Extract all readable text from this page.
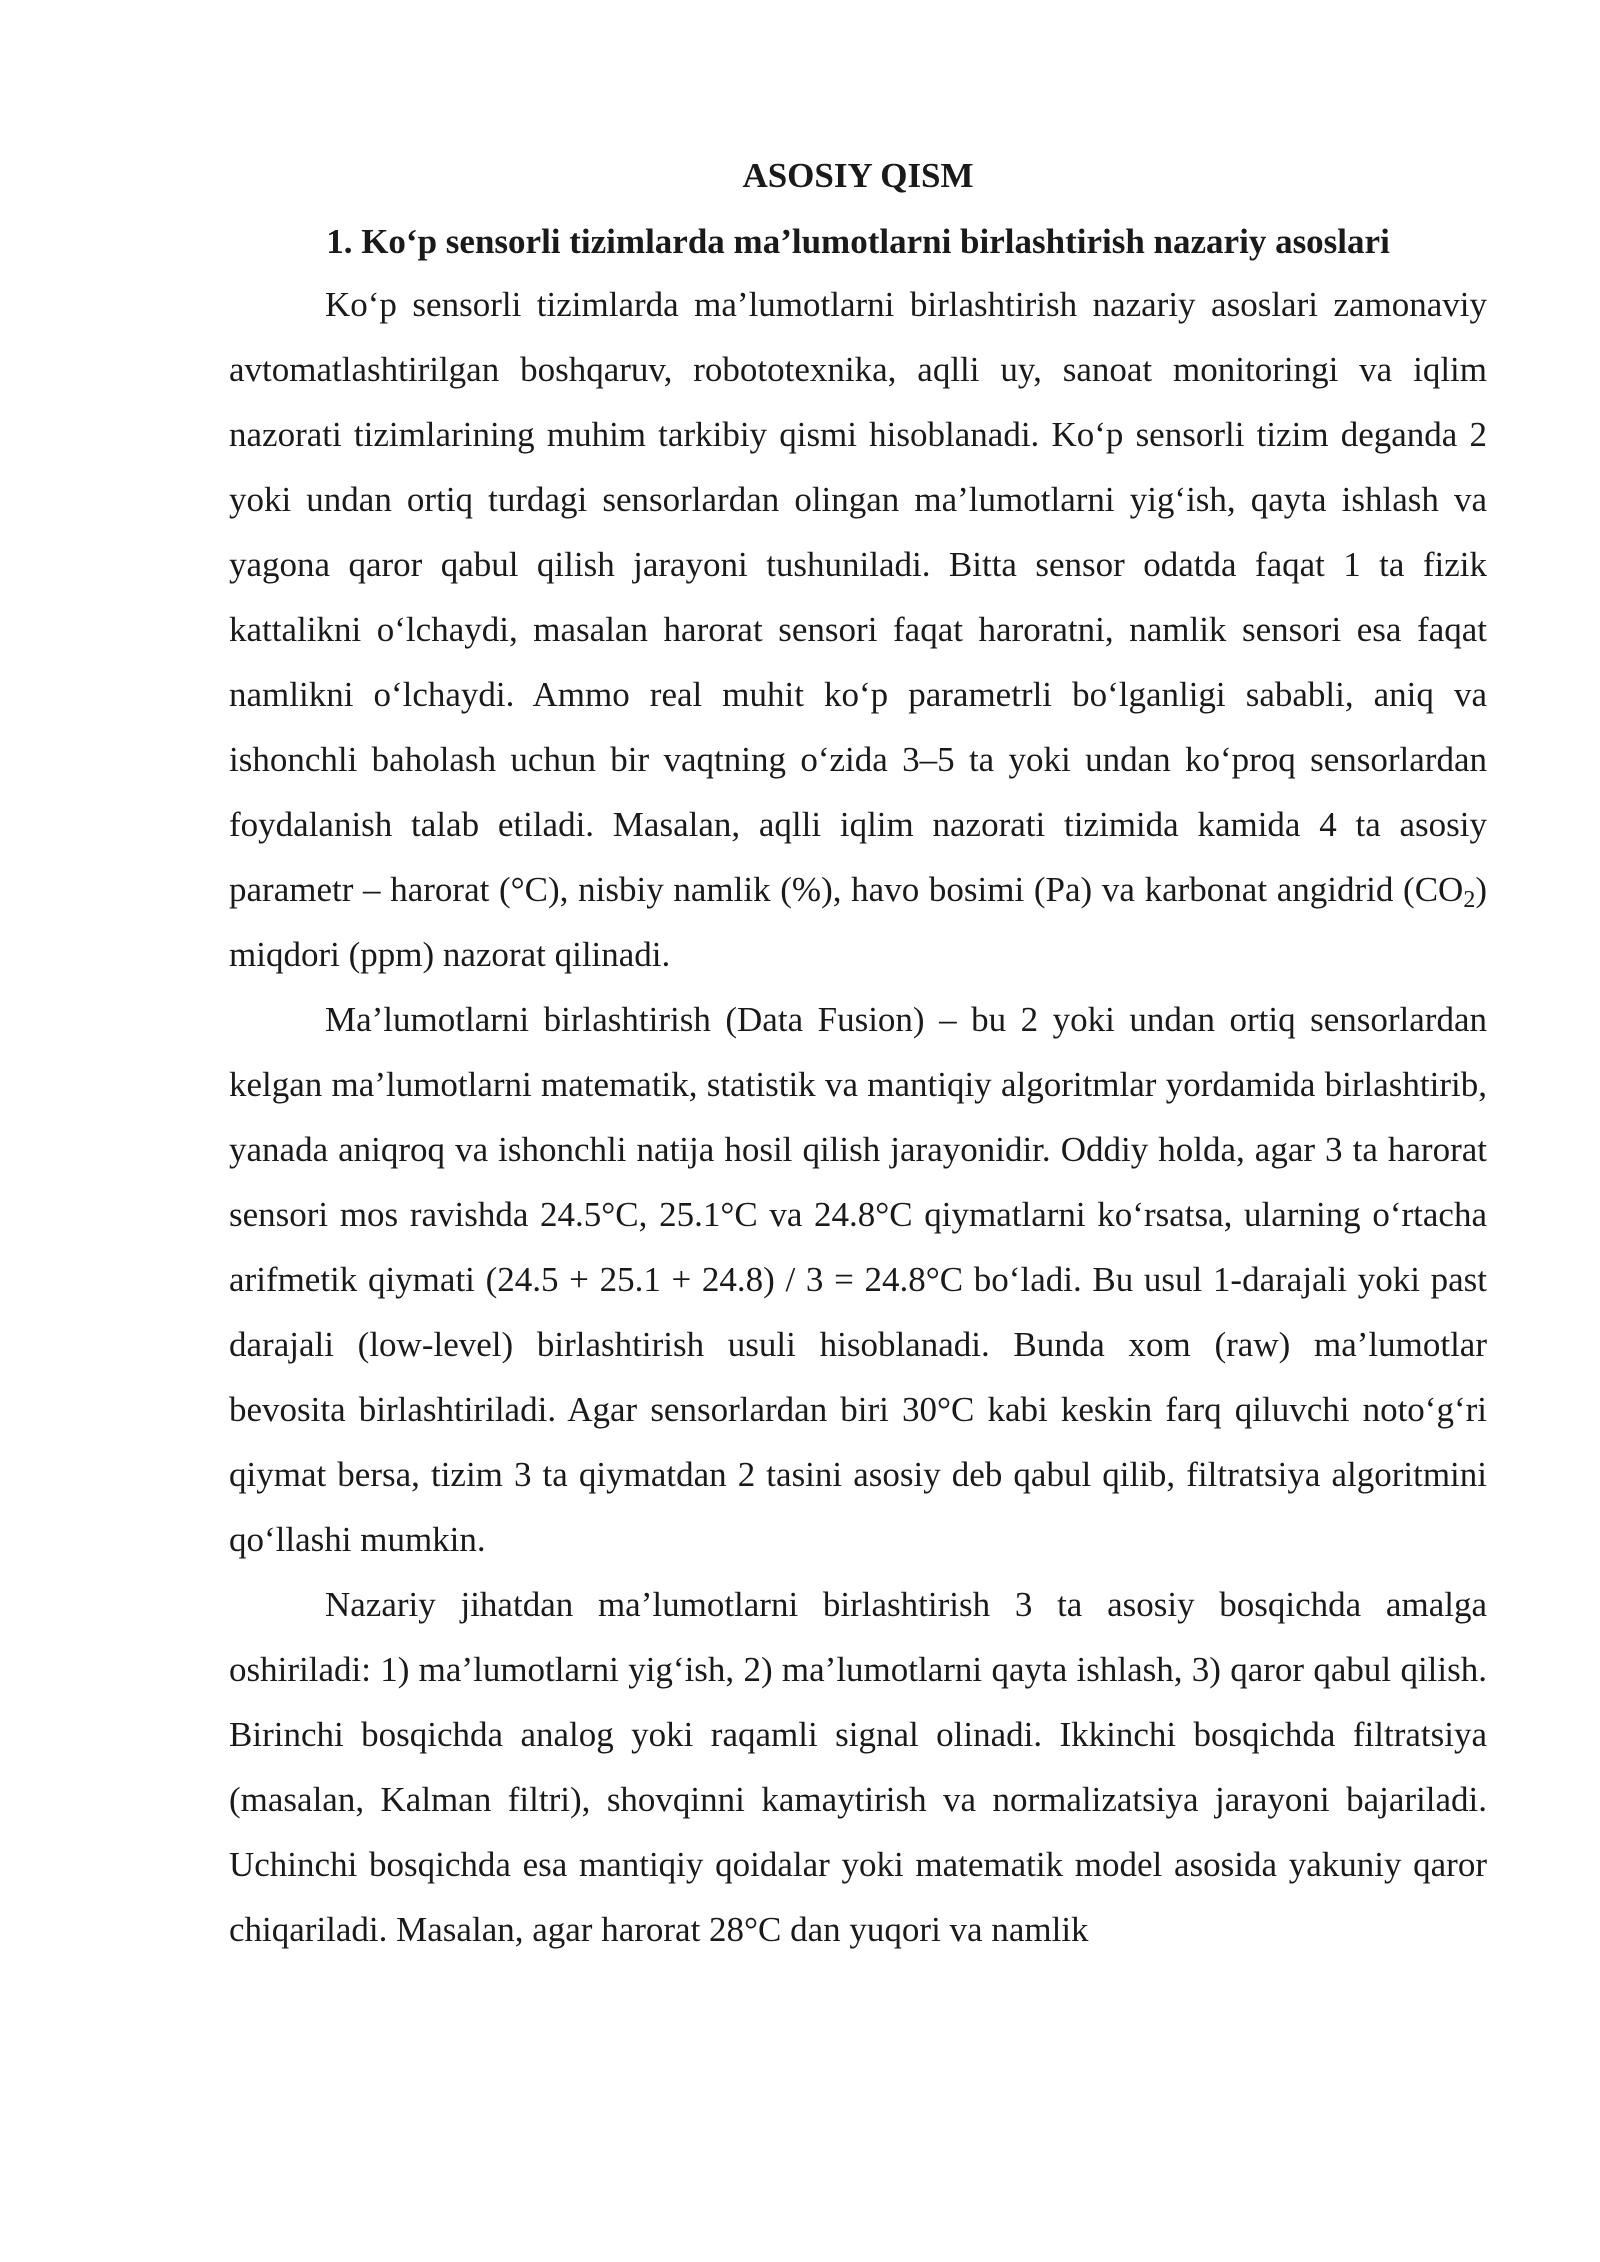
ASOSIY QISM
1. Ko‘p sensorli tizimlarda ma’lumotlarni birlashtirish nazariy asoslari

Ko‘p sensorli tizimlarda ma’lumotlarni birlashtirish nazariy asoslari zamonaviy avtomatlashtirilgan boshqaruv, robototexnika, aqlli uy, sanoat monitoringi va iqlim nazorati tizimlarining muhim tarkibiy qismi hisoblanadi. Ko‘p sensorli tizim deganda 2 yoki undan ortiq turdagi sensorlardan olingan ma’lumotlarni yig‘ish, qayta ishlash va yagona qaror qabul qilish jarayoni tushuniladi. Bitta sensor odatda faqat 1 ta fizik kattalikni o‘lchaydi, masalan harorat sensori faqat haroratni, namlik sensori esa faqat namlikni o‘lchaydi. Ammo real muhit ko‘p parametrli bo‘lganligi sababli, aniq va ishonchli baholash uchun bir vaqtning o‘zida 3–5 ta yoki undan ko‘proq sensorlardan foydalanish talab etiladi. Masalan, aqlli iqlim nazorati tizimida kamida 4 ta asosiy parametr – harorat (°C), nisbiy namlik (%), havo bosimi (Pa) va karbonat angidrid $(CO_2)$ miqdori (ppm) nazorat qilinadi.

Ma’lumotlarni birlashtirish (Data Fusion) – bu 2 yoki undan ortiq sensorlardan kelgan ma’lumotlarni matematik, statistik va mantiqiy algoritmlar yordamida birlashtirib, yanada aniqroq va ishonchli natija hosil qilish jarayonidir. Oddiy holda, agar 3 ta harorat sensori mos ravishda 24.5°C, 25.1°C va 24.8°C qiymatlarni ko‘rsatsa, ularning o‘rtacha arifmetik qiymati (24.5 + 25.1 + 24.8) / 3 = 24.8°C bo‘ladi. Bu usul 1-darajali yoki past darajali (low-level) birlashtirish usuli hisoblanadi. Bunda xom (raw) ma’lumotlar bevosita birlashtiriladi. Agar sensorlardan biri 30°C kabi keskin farq qiluvchi noto‘g‘ri qiymat bersa, tizim 3 ta qiymatdan 2 tasini asosiy deb qabul qilib, filtratsiya algoritmini qo‘llashi mumkin.

Nazariy jihatdan ma’lumotlarni birlashtirish 3 ta asosiy bosqichda amalga oshiriladi: 1) ma’lumotlarni yig‘ish, 2) ma’lumotlarni qayta ishlash, 3) qaror qabul qilish. Birinchi bosqichda analog yoki raqamli signal olinadi. Ikkinchi bosqichda filtratsiya (masalan, Kalman filtri), shovqinni kamaytirish va normalizatsiya jarayoni bajariladi. Uchinchi bosqichda esa mantiqiy qoidalar yoki matematik model asosida yakuniy qaror chiqariladi. Masalan, agar harorat 28°C dan yuqori va namlik
